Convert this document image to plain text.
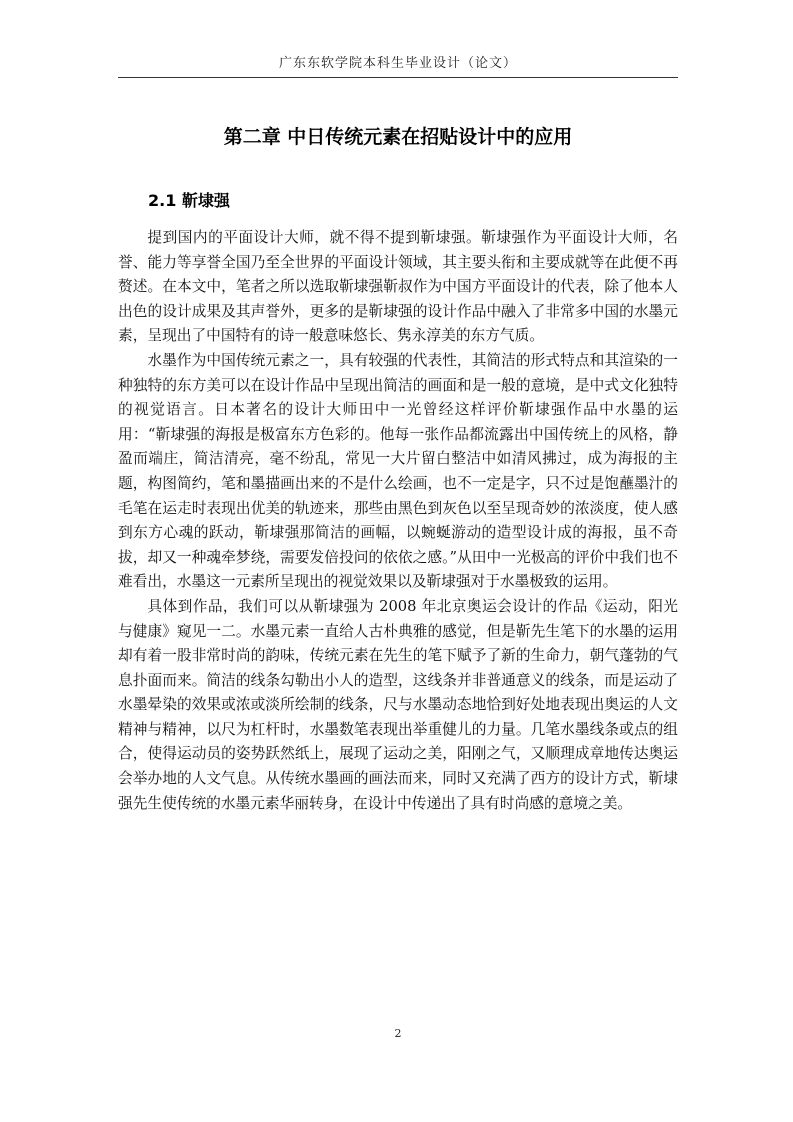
广东东软学院本科生毕业设计（论文）
第二章 中日传统元素在招贴设计中的应用
2.1 靳埭强

提到国内的平面设计大师，就不得不提到靳埭强。靳埭强作为平面设计大师，名誉、能力等享誉全国乃至全世界的平面设计领域，其主要头衔和主要成就等在此便不再赘述。在本文中，笔者之所以选取靳埭强靳叔作为中国方平面设计的代表，除了他本人出色的设计成果及其声誉外，更多的是靳埭强的设计作品中融入了非常多中国的水墨元素，呈现出了中国特有的诗一般意味悠长、隽永淳美的东方气质。

水墨作为中国传统元素之一，具有较强的代表性，其简洁的形式特点和其渲染的一种独特的东方美可以在设计作品中呈现出简洁的画面和是一般的意境，是中式文化独特的视觉语言。日本著名的设计大师田中一光曾经这样评价靳埭强作品中水墨的运用：“靳埭强的海报是极富东方色彩的。他每一张作品都流露出中国传统上的风格，静盈而端庄，简洁清亮，毫不纷乱，常见一大片留白整洁中如清风拂过，成为海报的主题，构图简约，笔和墨描画出来的不是什么绘画，也不一定是字，只不过是饱蘸墨汁的毛笔在运走时表现出优美的轨迹来，那些由黑色到灰色以至呈现奇妙的浓淡度，使人感到东方心魂的跃动，靳埭强那简洁的画幅，以蜿蜒游动的造型设计成的海报，虽不奇拔，却又一种魂牵梦绕，需要发倍投问的依依之感。”从田中一光极高的评价中我们也不难看出，水墨这一元素所呈现出的视觉效果以及靳埭强对于水墨极致的运用。

具体到作品，我们可以从靳埭强为 2008 年北京奥运会设计的作品《运动，阳光与健康》窥见一二。水墨元素一直给人古朴典雅的感觉，但是靳先生笔下的水墨的运用却有着一股非常时尚的韵味，传统元素在先生的笔下赋予了新的生命力，朝气蓬勃的气息扑面而来。简洁的线条勾勒出小人的造型，这线条并非普通意义的线条，而是运动了水墨晕染的效果或浓或淡所绘制的线条，尺与水墨动态地恰到好处地表现出奥运的人文精神与精神，以尺为杠杆时，水墨数笔表现出举重健儿的力量。几笔水墨线条或点的组合，使得运动员的姿势跃然纸上，展现了运动之美，阳刚之气，又顺理成章地传达奥运会举办地的人文气息。从传统水墨画的画法而来，同时又充满了西方的设计方式，靳埭强先生使传统的水墨元素华丽转身，在设计中传递出了具有时尚感的意境之美。

2
